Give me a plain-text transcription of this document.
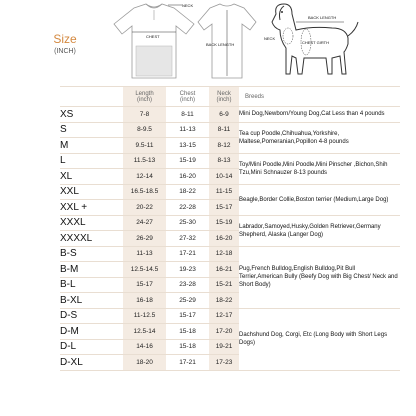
Size
(INCH)
NECK
CHEST
BACK LENGTH
BACK LENGTH
NECK
CHEST GIRTH
	Length
(inch)	Chest
(inch)	Neck
(inch)	Breeds
XS	7-8	8-11	6-9	Mini Dog,Newborn/Young Dog,Cat Less than 4 pounds
S	8-9.5	11-13	8-11	Tea cup Poodle,Chihuahua,Yorkshire, Maltese,Pomeranian,Popillon 4-8 pounds
M	9.5-11	13-15	8-12	
L	11.5-13	15-19	8-13	Toy/Mini Poodle,Mini Poodle,Mini Pinscher ,Bichon,Shih Tzu,Mini Schnauzer 8-13 pounds
XL	12-14	16-20	10-14	
XXL	16.5-18.5	18-22	11-15	Beagle,Border Collie,Boston terrier (Medium,Large Dog)
XXL +	20-22	22-28	15-17	
XXXL	24-27	25-30	15-19	Labrador,Samoyed,Husky,Golden Retriever,Germany Shepherd, Alaska (Langer Dog)
XXXXL	26-29	27-32	16-20	
B-S	11-13	17-21	12-18	Pug,French Bulldog,English Bulldog,Pit Bull Terrier,American Bully (Beefy Dog with Big Chest/ Neck and Short Body)
B-M	12.5-14.5	19-23	16-21	
B-L	15-17	23-28	15-21	
B-XL	16-18	25-29	18-22	
D-S	11-12.5	15-17	12-17	Dachshund Dog, Corgi, Etc (Long Body with Short Legs Dogs)
D-M	12.5-14	15-18	17-20	
D-L	14-16	15-18	19-21	
D-XL	18-20	17-21	17-23	
